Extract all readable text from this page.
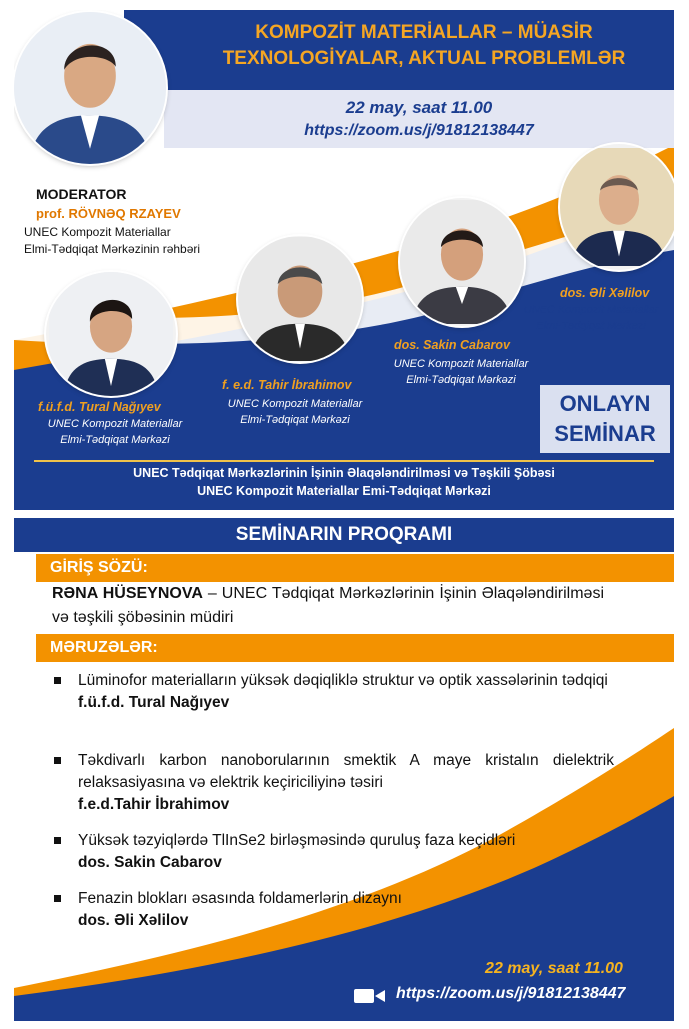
KOMPOZİT MATERİALLAR – MÜASİR
TEXNOLOGİYALAR, AKTUAL PROBLEMLƏR
22 may, saat 11.00
https://zoom.us/j/91812138447
MODERATOR
prof. RÖVNƏQ RZAYEV
UNEC Kompozit Materiallar
Elmi-Tədqiqat Mərkəzinin rəhbəri
f.ü.f.d. Tural Nağıyev
UNEC Kompozit Materiallar
Elmi-Tədqiqat Mərkəzi
f. e.d. Tahir İbrahimov
UNEC Kompozit Materiallar
Elmi-Tədqiqat Mərkəzi
dos. Sakin Cabarov
UNEC Kompozit Materiallar
Elmi-Tədqiqat Mərkəzi
dos. Əli Xəlilov
UNEC Kompozit Materiallar
Elmi-Tədqiqat Mərkəzi
ONLAYN
SEMİNAR
UNEC Tədqiqat Mərkəzlərinin İşinin Əlaqələndirilməsi və Təşkili Şöbəsi
UNEC Kompozit Materiallar Emi-Tədqiqat Mərkəzi
SEMİNARIN PROQRAMI
GİRİŞ SÖZÜ:
RƏNA HÜSEYNOVA – UNEC Tədqiqat Mərkəzlərinin İşinin Əlaqələndirilməsi və təşkili şöbəsinin müdiri
MƏRUZƏLƏR:
Lüminofor materialların yüksək dəqiqliklə struktur və optik xassələrinin tədqiqi
f.ü.f.d. Tural Nağıyev
Təkdivarlı karbon nanoborularının smektik A maye kristalın dielektrik relaksasiyasına və elektrik keçiriciliyinə təsiri
f.e.d.Tahir İbrahimov
Yüksək təzyiqlərdə TlInSe2 birləşməsində quruluş faza keçidləri
dos. Sakin Cabarov
Fenazin blokları əsasında foldamerlərin dizaynı
dos. Əli Xəlilov
22 may, saat 11.00
https://zoom.us/j/91812138447
